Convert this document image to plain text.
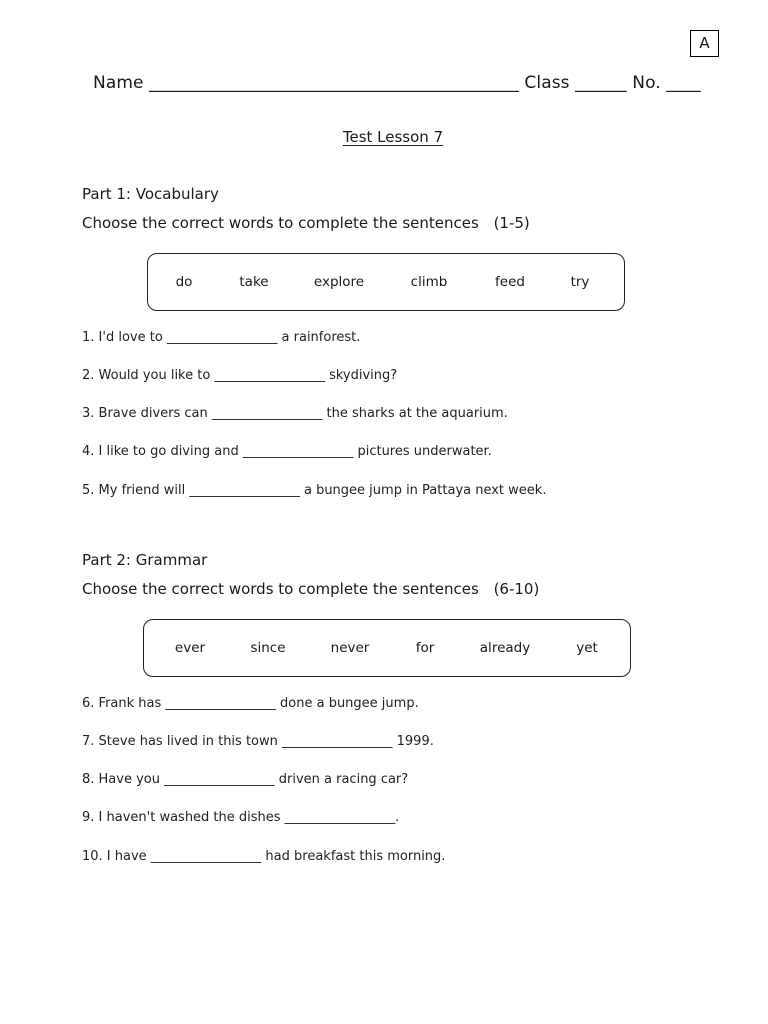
A
Name ___________________________________________ Class ______ No. ____
Test Lesson 7
Part 1: Vocabulary
Choose the correct words to complete the sentences (1-5)
do	take	explore	climb	feed	try
1. I'd love to _________________ a rainforest.
2. Would you like to _________________ skydiving?
3. Brave divers can _________________ the sharks at the aquarium.
4. I like to go diving and _________________ pictures underwater.
5. My friend will _________________ a bungee jump in Pattaya next week.
Part 2: Grammar
Choose the correct words to complete the sentences (6-10)
ever	since	never	for	already	yet
6. Frank has _________________ done a bungee jump.
7. Steve has lived in this town _________________ 1999.
8. Have you _________________ driven a racing car?
9. I haven't washed the dishes _________________.
10. I have _________________ had breakfast this morning.
